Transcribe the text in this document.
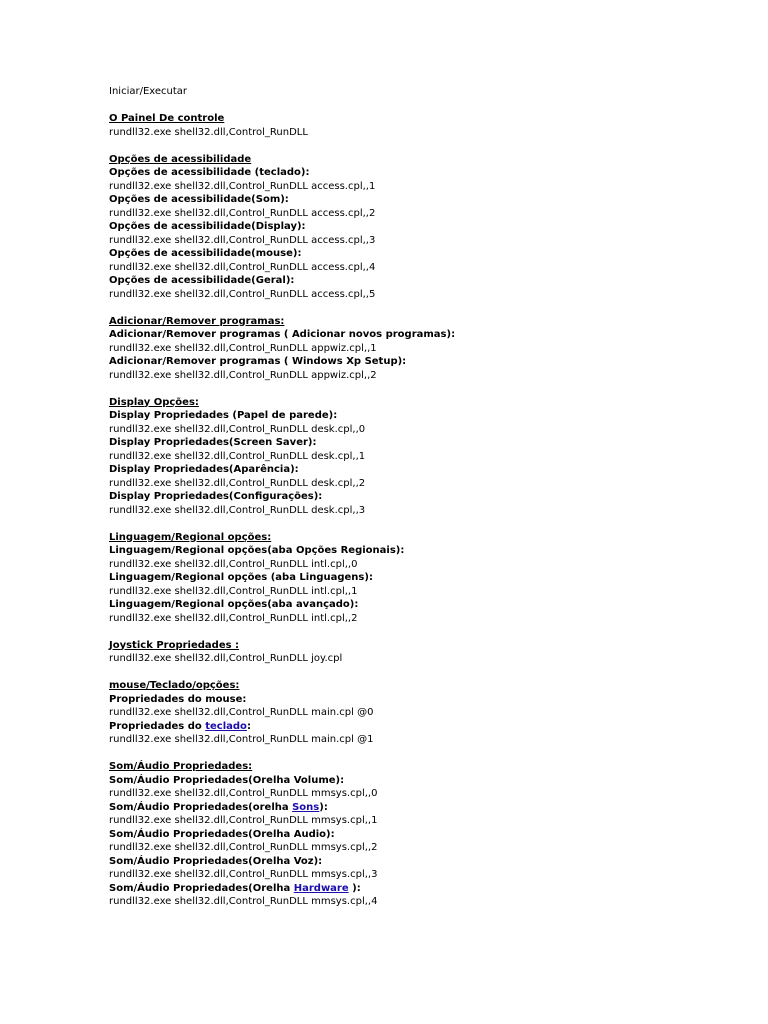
Iniciar/Executar
O Painel De controle
rundll32.exe shell32.dll,Control_RunDLL
Opções de acessibilidade
Opções de acessibilidade (teclado):
rundll32.exe shell32.dll,Control_RunDLL access.cpl,,1
Opções de acessibilidade(Som):
rundll32.exe shell32.dll,Control_RunDLL access.cpl,,2
Opções de acessibilidade(Display):
rundll32.exe shell32.dll,Control_RunDLL access.cpl,,3
Opções de acessibilidade(mouse):
rundll32.exe shell32.dll,Control_RunDLL access.cpl,,4
Opções de acessibilidade(Geral):
rundll32.exe shell32.dll,Control_RunDLL access.cpl,,5
Adicionar/Remover programas:
Adicionar/Remover programas ( Adicionar novos programas):
rundll32.exe shell32.dll,Control_RunDLL appwiz.cpl,,1
Adicionar/Remover programas ( Windows Xp Setup):
rundll32.exe shell32.dll,Control_RunDLL appwiz.cpl,,2
Display Opções:
Display Propriedades (Papel de parede):
rundll32.exe shell32.dll,Control_RunDLL desk.cpl,,0
Display Propriedades(Screen Saver):
rundll32.exe shell32.dll,Control_RunDLL desk.cpl,,1
Display Propriedades(Aparência):
rundll32.exe shell32.dll,Control_RunDLL desk.cpl,,2
Display Propriedades(Configurações):
rundll32.exe shell32.dll,Control_RunDLL desk.cpl,,3
Linguagem/Regional opções:
Linguagem/Regional opções(aba Opções Regionais):
rundll32.exe shell32.dll,Control_RunDLL intl.cpl,,0
Linguagem/Regional opções (aba Linguagens):
rundll32.exe shell32.dll,Control_RunDLL intl.cpl,,1
Linguagem/Regional opções(aba avançado):
rundll32.exe shell32.dll,Control_RunDLL intl.cpl,,2
Joystick Propriedades :
rundll32.exe shell32.dll,Control_RunDLL joy.cpl
mouse/Teclado/opções:
Propriedades do mouse:
rundll32.exe shell32.dll,Control_RunDLL main.cpl @0
Propriedades do teclado:
rundll32.exe shell32.dll,Control_RunDLL main.cpl @1
Som/Áudio Propriedades:
Som/Áudio Propriedades(Orelha Volume):
rundll32.exe shell32.dll,Control_RunDLL mmsys.cpl,,0
Som/Áudio Propriedades(orelha Sons):
rundll32.exe shell32.dll,Control_RunDLL mmsys.cpl,,1
Som/Áudio Propriedades(Orelha Audio):
rundll32.exe shell32.dll,Control_RunDLL mmsys.cpl,,2
Som/Áudio Propriedades(Orelha Voz):
rundll32.exe shell32.dll,Control_RunDLL mmsys.cpl,,3
Som/Áudio Propriedades(Orelha Hardware ):
rundll32.exe shell32.dll,Control_RunDLL mmsys.cpl,,4
